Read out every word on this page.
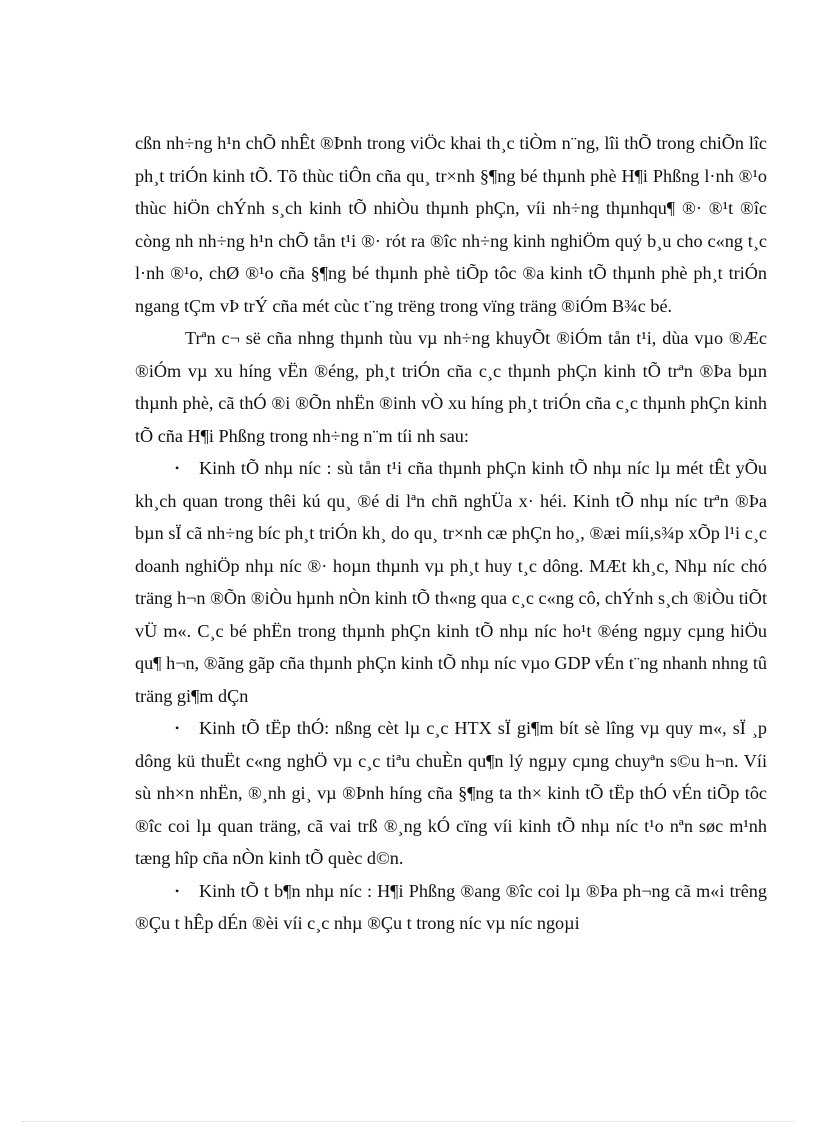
cßn nh÷ng h¹n chÕ nhÊt ®Þnh trong viÖc khai th¸c tiÒm n¨ng, lîi thÕ trong chiÕn lîc ph¸t triÓn kinh tÕ. Tõ thùc tiÔn cña qu¸ tr×nh §¶ng bé thµnh phè H¶i Phßng l·nh ®¹o thùc hiÖn chÝnh s¸ch kinh tÕ nhiÒu thµnh phÇn, víi nh÷ng thµnhqu¶ ®· ®¹t ®îc còng nh nh÷ng h¹n chÕ tån t¹i ®· rót ra ®îc nh÷ng kinh nghiÖm quý b¸u cho c«ng t¸c l·nh ®¹o, chØ ®¹o cña §¶ng bé thµnh phè tiÕp tôc ®a kinh tÕ thµnh phè ph¸t triÓn ngang tÇm vÞ trÝ cña mét cùc t¨ng trëng trong vïng träng ®iÓm B¾c bé.

Trªn c¬ së cña nhng thµnh tùu vµ nh÷ng khuyÕt ®iÓm tån t¹i, dùa vµo ®Æc ®iÓm vµ xu híng vËn ®éng, ph¸t triÓn cña c¸c thµnh phÇn kinh tÕ trªn ®Þa bµn thµnh phè, cã thÓ ®i ®Õn nhËn ®inh vÒ xu híng ph¸t triÓn cña c¸c thµnh phÇn kinh tÕ cña H¶i Phßng trong nh÷ng n¨m tíi nh sau:

• Kinh tÕ nhµ níc : sù tån t¹i cña thµnh phÇn kinh tÕ nhµ níc lµ mét tÊt yÕu kh¸ch quan trong thêi kú qu¸ ®é di lªn chñ nghÜa x· héi. Kinh tÕ nhµ níc trªn ®Þa bµn sÏ cã nh÷ng bíc ph¸t triÓn kh¸ do qu¸ tr×nh cæ phÇn ho¸, ®æi míi,s¾p xÕp l¹i c¸c doanh nghiÖp nhµ níc ®· hoµn thµnh vµ ph¸t huy t¸c dông. MÆt kh¸c, Nhµ níc chó träng h¬n ®Õn ®iÒu hµnh nÒn kinh tÕ th«ng qua c¸c c«ng cô, chÝnh s¸ch ®iÒu tiÕt vÜ m«. C¸c bé phËn trong thµnh phÇn kinh tÕ nhµ níc ho¹t ®éng ngµy cµng hiÖu qu¶ h¬n, ®ãng gãp cña thµnh phÇn kinh tÕ nhµ níc vµo GDP vÉn t¨ng nhanh nhng tû träng gi¶m dÇn

• Kinh tÕ tËp thÓ: nßng cèt lµ c¸c HTX sÏ gi¶m bít sè lîng vµ quy m«, sÏ ¸p dông kü thuËt c«ng nghÖ vµ c¸c tiªu chuÈn qu¶n lý ngµy cµng chuyªn s©u h¬n. Víi sù nh×n nhËn, ®¸nh gi¸ vµ ®Þnh híng cña §¶ng ta th× kinh tÕ tËp thÓ vÉn tiÕp tôc ®îc coi lµ quan träng, cã vai trß ®¸ng kÓ cïng víi kinh tÕ nhµ níc t¹o nªn søc m¹nh tæng hîp cña nÒn kinh tÕ quèc d©n.

• Kinh tÕ t b¶n nhµ níc : H¶i Phßng ®ang ®îc coi lµ ®Þa ph¬ng cã m«i trêng ®Çu t hÊp dÉn ®èi víi c¸c nhµ ®Çu t trong níc vµ níc ngoµi
